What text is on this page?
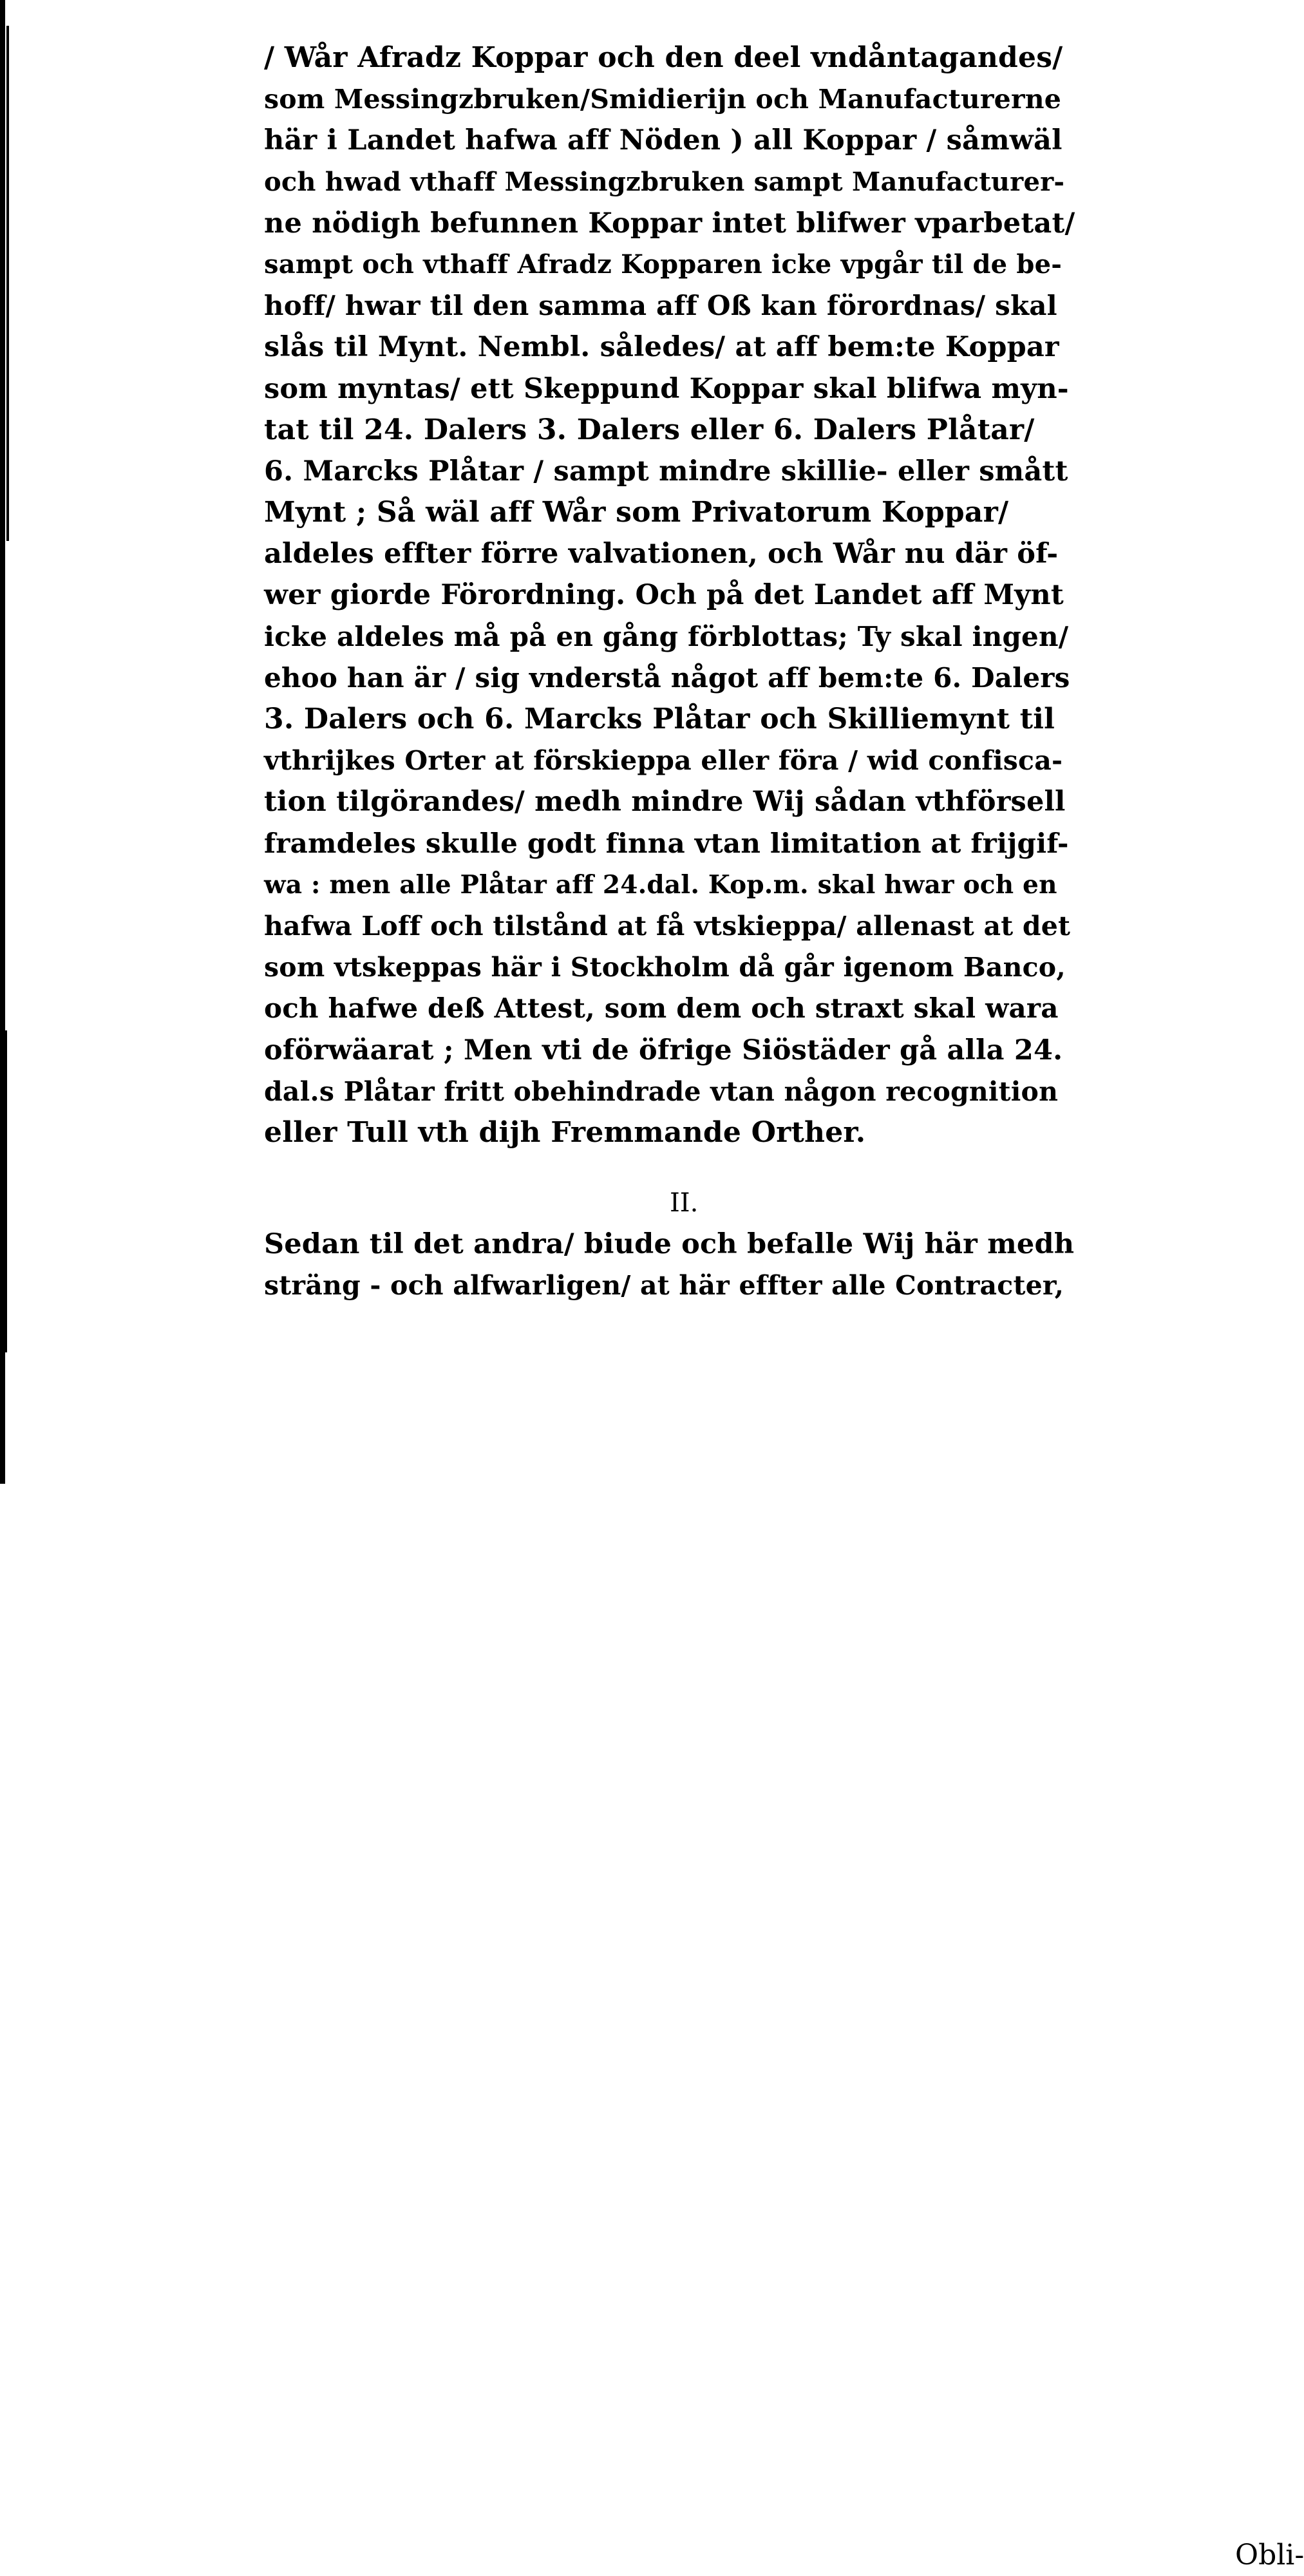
/ Wår Afradz Koppar och den deel vndåntagandes/
som Messingzbruken/Smidierijn och Manufacturerne
här i Landet hafwa aff Nöden ) all Koppar / såmwäl
och hwad vthaff Messingzbruken sampt Manufacturer-
ne nödigh befunnen Koppar intet blifwer vparbetat/
sampt och vthaff Afradz Kopparen icke vpgår til de be-
hoff/ hwar til den samma aff Oß kan förordnas/ skal
slås til Mynt. Nembl. således/ at aff bem:te Koppar
som myntas/ ett Skeppund Koppar skal blifwa myn-
tat til 24. Dalers 3. Dalers eller 6. Dalers Plåtar/
6. Marcks Plåtar / sampt mindre skillie- eller smått
Mynt ; Så wäl aff Wår som Privatorum Koppar/
aldeles effter förre valvationen, och Wår nu där öf-
wer giorde Förordning. Och på det Landet aff Mynt
icke aldeles må på en gång förblottas; Ty skal ingen/
ehoo han är / sig vnderstå något aff bem:te 6. Dalers
3. Dalers och 6. Marcks Plåtar och Skilliemynt til
vthrijkes Orter at förskieppa eller föra / wid confisca-
tion tilgörandes/ medh mindre Wij sådan vthförsell
framdeles skulle godt finna vtan limitation at frijgif-
wa : men alle Plåtar aff 24.dal. Kop.m. skal hwar och en
hafwa Loff och tilstånd at få vtskieppa/ allenast at det
som vtskeppas här i Stockholm då går igenom Banco,
och hafwe deß Attest, som dem och straxt skal wara
oförwäarat ; Men vti de öfrige Siöstäder gå alla 24.
dal.s Plåtar fritt obehindrade vtan någon recognition
eller Tull vth dijh Fremmande Orther.
II.
Sedan til det andra/ biude och befalle Wij här medh
sträng - och alfwarligen/ at här effter alle Contracter,
Obli-
